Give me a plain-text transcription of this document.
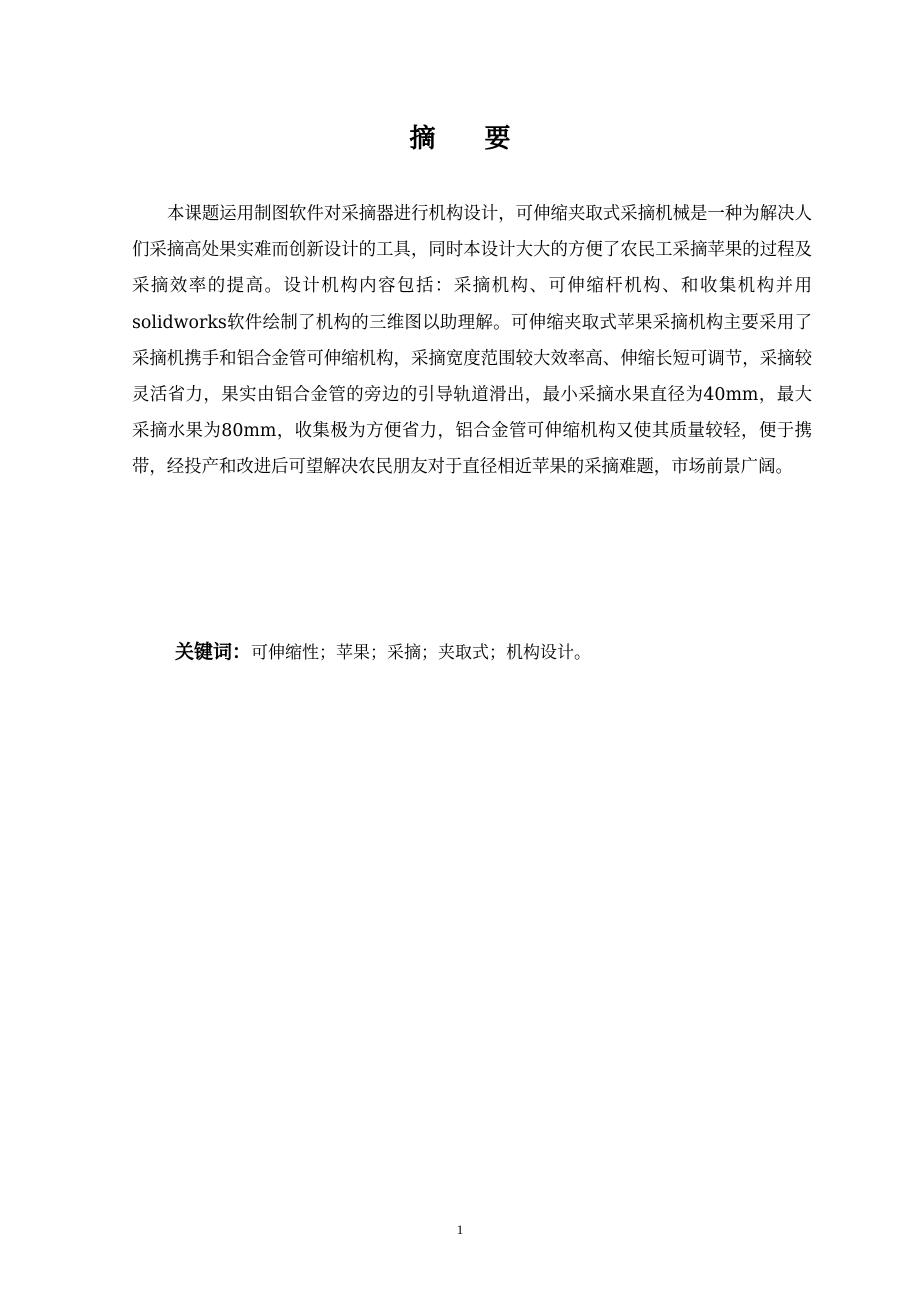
摘 要

本课题运用制图软件对采摘器进行机构设计，可伸缩夹取式采摘机械是一种为解决人们采摘高处果实难而创新设计的工具，同时本设计大大的方便了农民工采摘苹果的过程及采摘效率的提高。设计机构内容包括：采摘机构、可伸缩杆机构、和收集机构并用solidworks软件绘制了机构的三维图以助理解。可伸缩夹取式苹果采摘机构主要采用了采摘机携手和铝合金管可伸缩机构，采摘宽度范围较大效率高、伸缩长短可调节，采摘较灵活省力，果实由铝合金管的旁边的引导轨道滑出，最小采摘水果直径为40mm，最大采摘水果为80mm，收集极为方便省力，铝合金管可伸缩机构又使其质量较轻，便于携带，经投产和改进后可望解决农民朋友对于直径相近苹果的采摘难题，市场前景广阔。

关键词：可伸缩性；苹果；采摘；夹取式；机构设计。

1
